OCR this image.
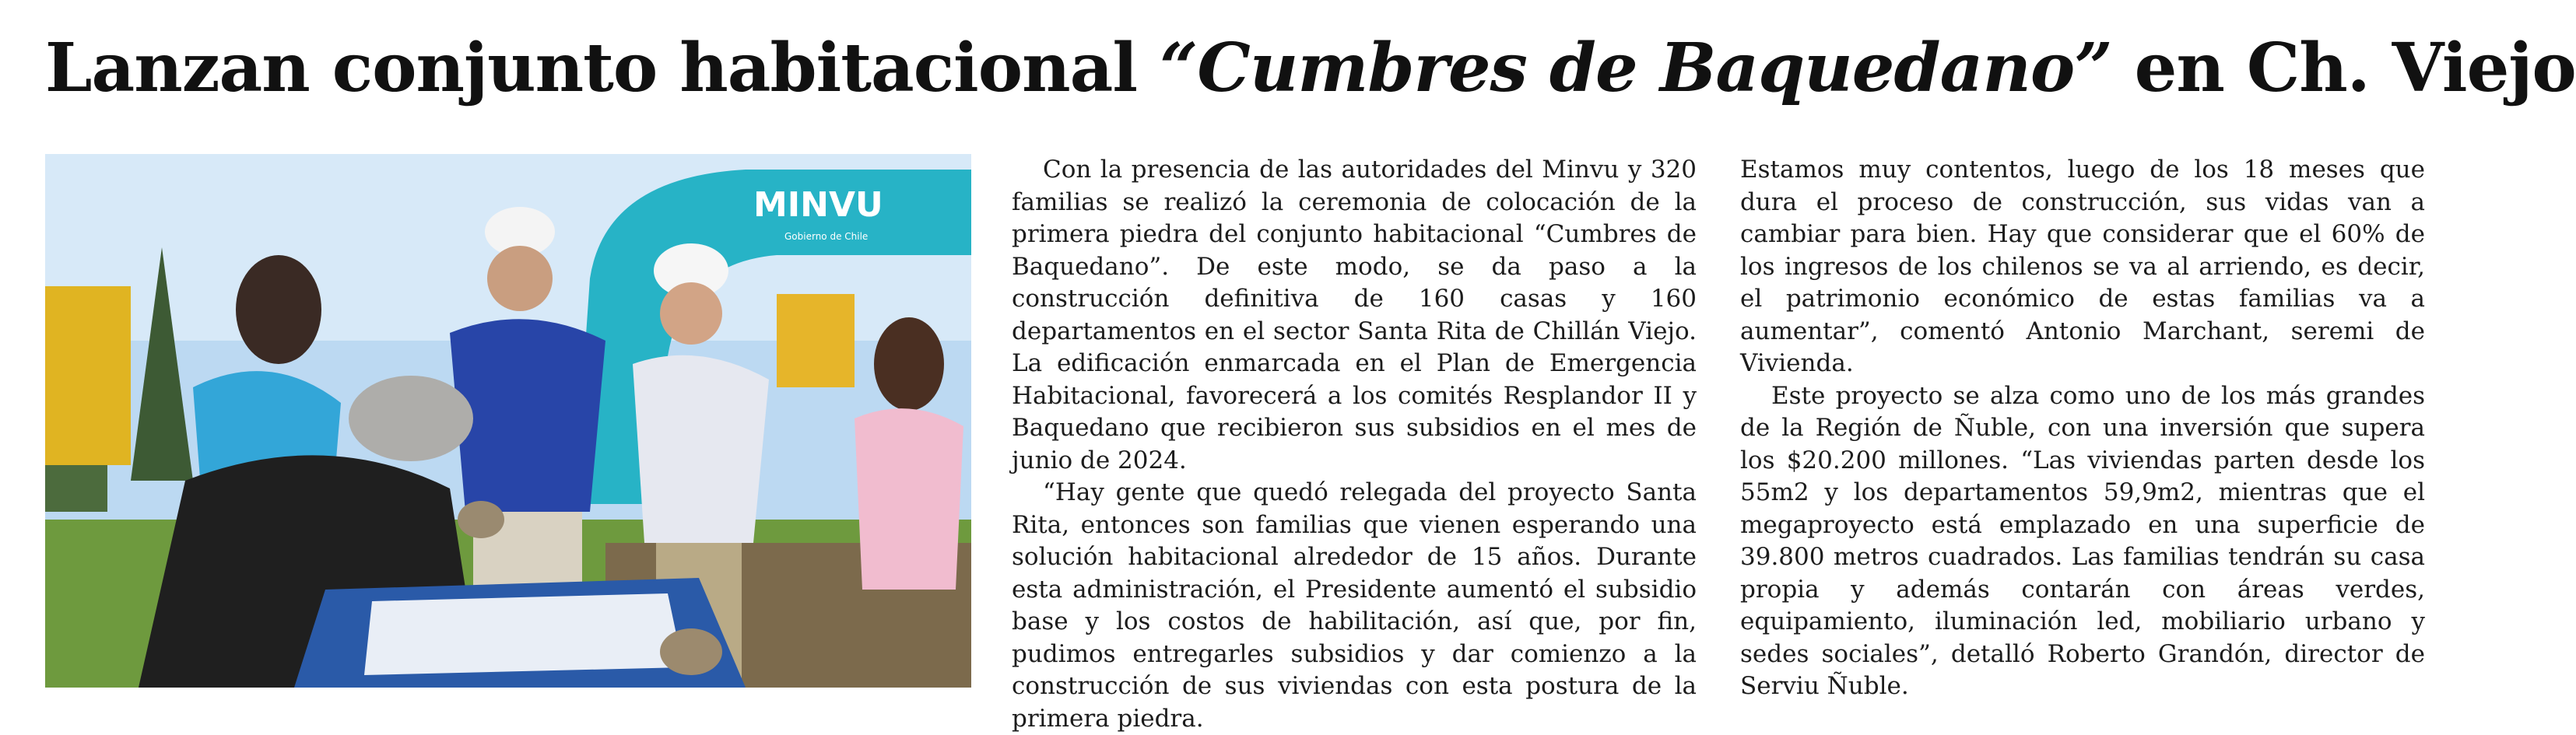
Lanzan conjunto habitacional “Cumbres de Baquedano” en Ch. Viejo
MINVU
Gobierno de Chile

Con la presencia de las autoridades del Minvu y 320 familias se realizó la ceremonia de colocación de la primera piedra del conjunto habitacional “Cumbres de Baquedano”. De este modo, se da paso a la construcción definitiva de 160 casas y 160 departamentos en el sector Santa Rita de Chillán Viejo. La edificación enmarcada en el Plan de Emergencia Habitacional, favorecerá a los comités Resplandor II y Baquedano que recibieron sus subsidios en el mes de junio de 2024.

“Hay gente que quedó relegada del proyecto Santa Rita, entonces son familias que vienen esperando una solución habitacional alrededor de 15 años. Durante esta administración, el Presidente aumentó el subsidio base y los costos de habilitación, así que, por fin, pudimos entregarles subsidios y dar comienzo a la construcción de sus viviendas con esta postura de la primera piedra.

Estamos muy contentos, luego de los 18 meses que dura el proceso de construcción, sus vidas van a cambiar para bien. Hay que considerar que el 60% de los ingresos de los chilenos se va al arriendo, es decir, el patrimonio económico de estas familias va a aumentar”, comentó Antonio Marchant, seremi de Vivienda.

Este proyecto se alza como uno de los más grandes de la Región de Ñuble, con una inversión que supera los $20.200 millones. “Las viviendas parten desde los 55m2 y los departamentos 59,9m2, mientras que el megaproyecto está emplazado en una superficie de 39.800 metros cuadrados. Las familias tendrán su casa propia y además contarán con áreas verdes, equipamiento, iluminación led, mobiliario urbano y sedes sociales”, detalló Roberto Grandón, director de Serviu Ñuble.
